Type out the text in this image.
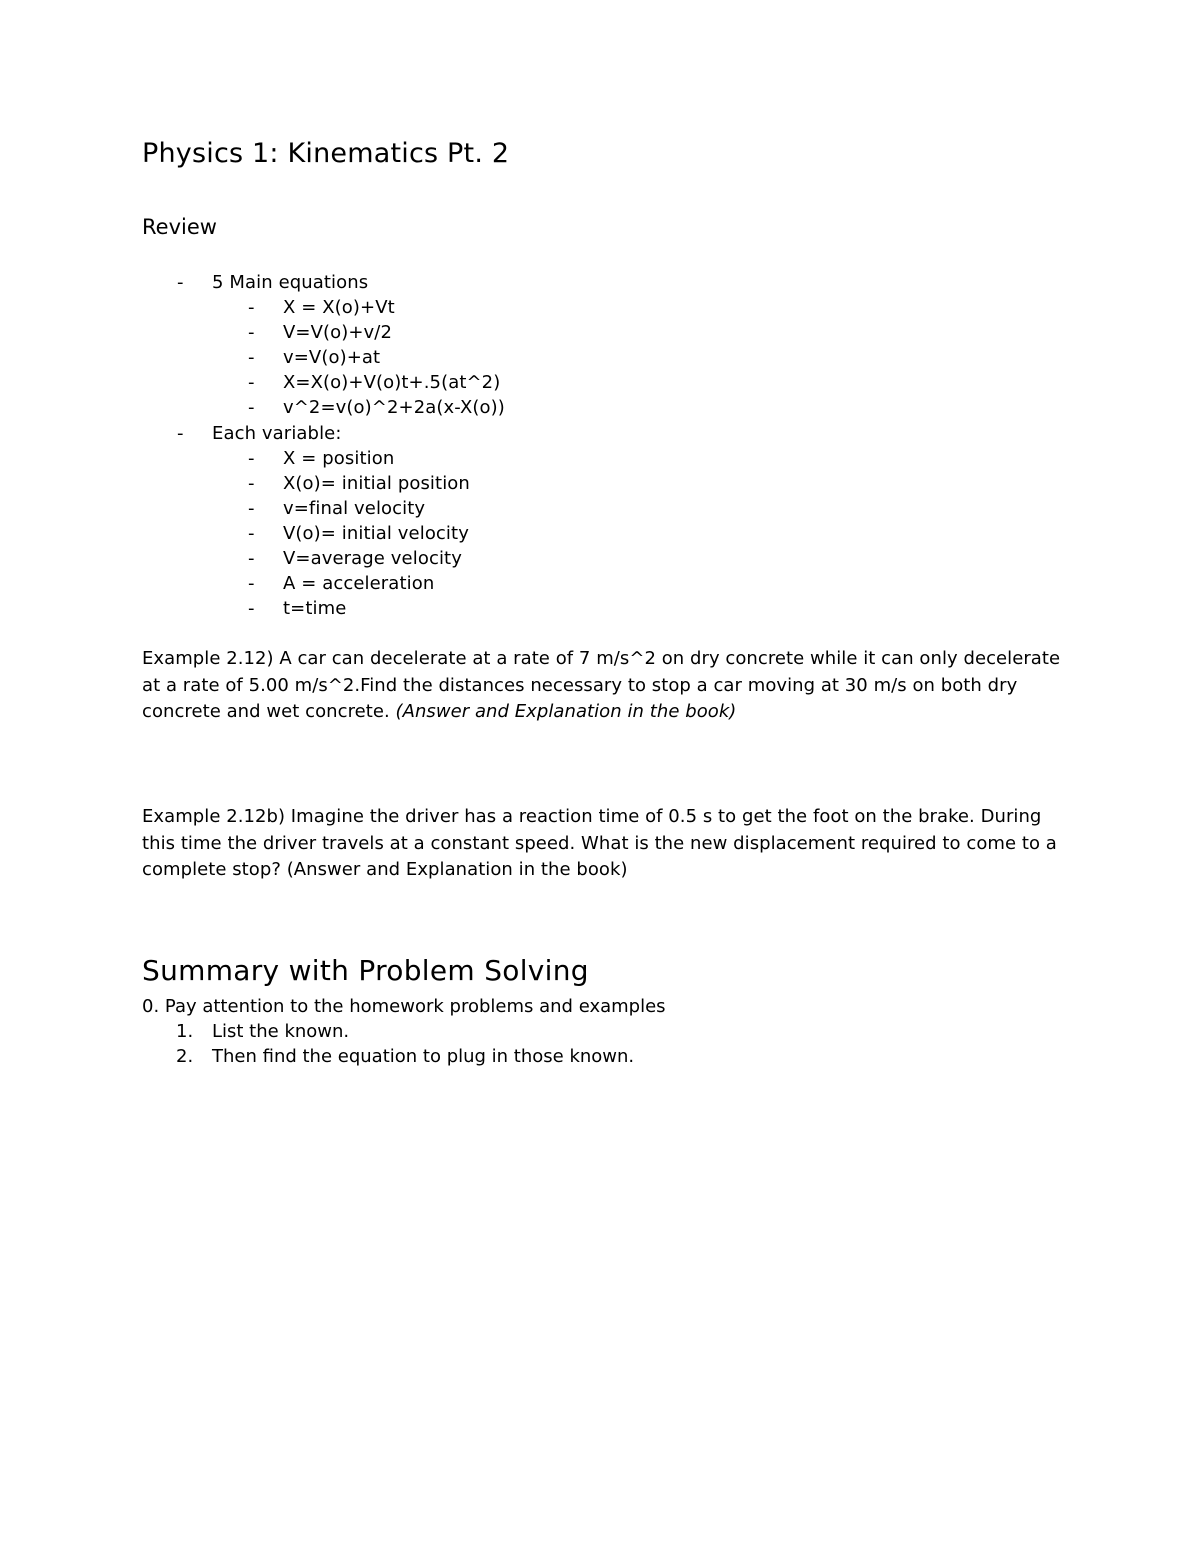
Physics 1: Kinematics Pt. 2
Review
- 5 Main equations
- X = X(o)+Vt
- V=V(o)+v/2
- v=V(o)+at
- X=X(o)+V(o)t+.5(at^2)
- v^2=v(o)^2+2a(x-X(o))
- Each variable:
- X = position
- X(o)= initial position
- v=final velocity
- V(o)= initial velocity
- V=average velocity
- A = acceleration
- t=time

Example 2.12) A car can decelerate at a rate of 7 m/s^2 on dry concrete while it can only decelerate at a rate of 5.00 m/s^2.Find the distances necessary to stop a car moving at 30 m/s on both dry concrete and wet concrete. (Answer and Explanation in the book)

Example 2.12b) Imagine the driver has a reaction time of 0.5 s to get the foot on the brake. During this time the driver travels at a constant speed. What is the new displacement required to come to a complete stop? (Answer and Explanation in the book)

Summary with Problem Solving
0. Pay attention to the homework problems and examples
1. List the known.
2. Then find the equation to plug in those known.
